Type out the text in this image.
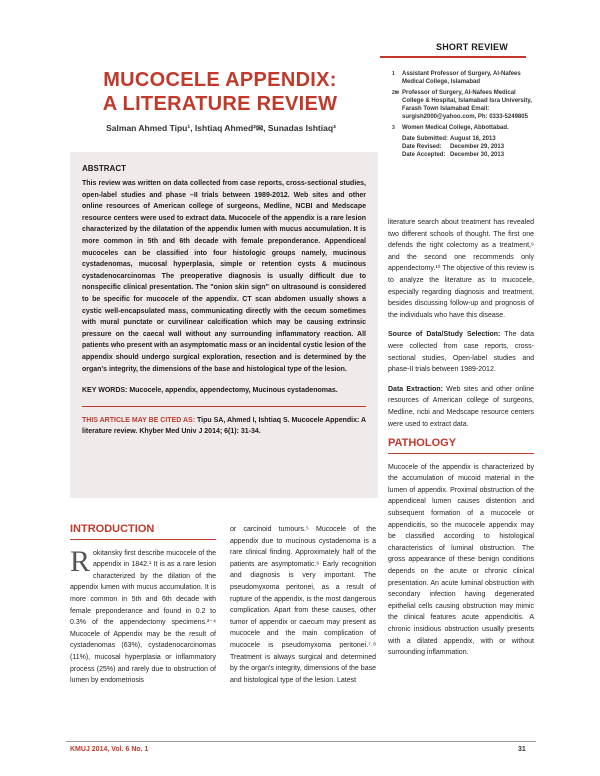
SHORT REVIEW
MUCOCELE APPENDIX:
A LITERATURE REVIEW
Salman Ahmed Tipu¹, Ishtiaq Ahmed²✉, Sunadas Ishtiaq³
1	Assistant Professor of Surgery, Al-Nafees Medical College, Islamabad
2✉ Professor of Surgery, Al-Nafees Medical College & Hospital, Islamabad Isra University, Farash Town Islamabad Email: surgish2000@yahoo.com, Ph: 0333-5249805
3	Women Medical College, Abbottabad.
Date Submitted: August 16, 2013
Date Revised:	December 29, 2013
Date Accepted: December 30, 2013
ABSTRACT
This review was written on data collected from case reports, cross-sectional studies, open-label studies and phase –II trials between 1989-2012. Web sites and other online resources of American college of surgeons, Medline, NCBI and Medscape resource centers were used to extract data. Mucocele of the appendix is a rare lesion characterized by the dilatation of the appendix lumen with mucus accumulation. It is more common in 5th and 6th decade with female preponderance. Appendiceal mucoceles can be classified into four histologic groups namely, mucinous cystadenomas, mucosal hyperplasia, simple or retention cysts & mucinous cystadenocarcinomas The preoperative diagnosis is usually difficult due to nonspecific clinical presentation. The "onion skin sign" on ultrasound is considered to be specific for mucocele of the appendix. CT scan abdomen usually shows a cystic well-encapsulated mass, communicating directly with the cecum sometimes with mural punctate or curvilinear calcification which may be causing extrinsic pressure on the caecal wall without any surrounding inflammatory reaction. All patients who present with an asymptomatic mass or an incidental cystic lesion of the appendix should undergo surgical exploration, resection and is determined by the organ's integrity, the dimensions of the base and histological type of the lesion.
KEY WORDS: Mucocele, appendix, appendectomy, Mucinous cystadenomas.
THIS ARTICLE MAY BE CITED AS: Tipu SA, Ahmed I, Ishtiaq S. Mucocele Appendix: A literature review. Khyber Med Univ J 2014; 6(1): 31-34.

literature search about treatment has revealed two different schools of thought. The first one defends the right colectomy as a treatment,⁹ and the second one recommends only appendectomy.¹⁰ The objective of this review is to analyze the literature as to mucocele, especially regarding diagnosis and treatment, besides discussing follow-up and prognosis of the individuals who have this disease.

Source of Data/Study Selection: The data were collected from case reports, cross-sectional studies, Open-label studies and phase-II trials between 1989-2012.

Data Extraction: Web sites and other online resources of American college of surgeons, Medline, ncbi and Medscape resource centers were used to extract data.

PATHOLOGY

Mucocele of the appendix is characterized by the accumulation of mucoid material in the lumen of appendix. Proximal obstruction of the appendiceal lumen causes distention and subsequent formation of a mucocele or appendicitis, so the mucocele appendix may be classified according to histological characteristics of luminal obstruction. The gross appearance of these benign conditions depends on the acute or chronic clinical presentation. An acute luminal obstruction with secondary infection having degenerated epithelial cells causing obstruction may mimic the clinical features acute appendicitis. A chronic insidious obstruction usually presents with a dilated appendix, with or without surrounding inflammation.

INTRODUCTION

Rokitansky first describe mucocele of the appendix in 1842.¹ It is as a rare lesion characterized by the dilation of the appendix lumen with mucus accumulation. It is more common in 5th and 6th decade with female preponderance and found in 0.2 to 0.3% of the appendectomy specimens.²⁻⁴ Mucocele of Appendix may be the result of cystadenomas (63%), cystadenocarcinomas (11%), mucosal hyperplasia or inflammatory process (25%) and rarely due to obstruction of lumen by endometriosis

or carcinoid tumours.⁵ Mucocele of the appendix due to mucinous cystadenoma is a rare clinical finding. Approximately half of the patients are asymptomatic.⁶ Early recognition and diagnosis is very important. The pseudomyxoma peritonei, as a result of rupture of the appendix, is the most dangerous complication. Apart from these causes, other tumor of appendix or caecum may present as mucocele and the main complication of mucocele is pseudomyxoma peritonei.⁷˒⁸ Treatment is always surgical and determined by the organ's integrity, dimensions of the base and histological type of the lesion. Latest

KMUJ 2014, Vol. 6 No. 1	31
